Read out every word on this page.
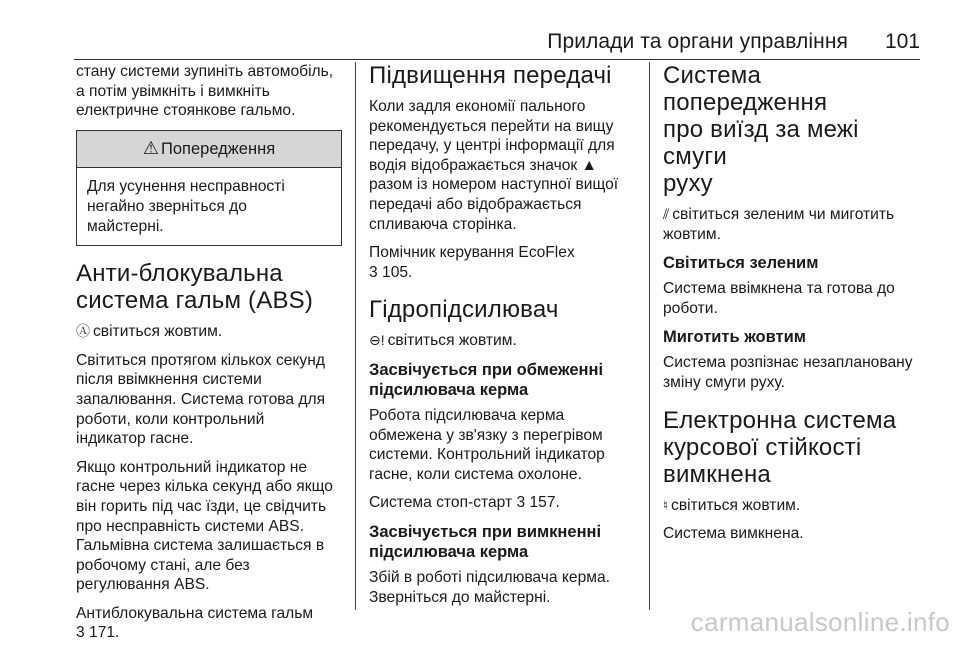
Прилади та органи управління 101

стану системи зупиніть автомобіль,
а потім увімкніть і вимкніть
електричне стоянкове гальмо.

⚠ Попередження
Для усунення несправності
негайно зверніться до
майстерні.
Анти-блокувальна
система гальм (ABS)

Ⓐ світиться жовтим.

Світиться протягом кількох секунд
після ввімкнення системи
запалювання. Система готова для
роботи, коли контрольний
індикатор гасне.

Якщо контрольний індикатор не
гасне через кілька секунд або якщо
він горить під час їзди, це свідчить
про несправність системи ABS.
Гальмівна система залишається в
робочому стані, але без
регулювання ABS.

Антиблокувальна система гальм
3 171.

Підвищення передачі

Коли задля економії пального
рекомендується перейти на вищу
передачу, у центрі інформації для
водія відображається значок ▲
разом із номером наступної вищої
передачі або відображається
спливаюча сторінка.

Помічник керування EcoFlex
3 105.

Гідропідсилювач

⊖! світиться жовтим.

Засвічується при обмеженні
підсилювача керма

Робота підсилювача керма
обмежена у зв'язку з перегрівом
системи. Контрольний індикатор
гасне, коли система охолоне.

Система стоп-старт 3 157.

Засвічується при вимкненні
підсилювача керма

Збій в роботі підсилювача керма.
Зверніться до майстерні.

Система попередження
про виїзд за межі смуги
руху

⫽ світиться зеленим чи миготить
жовтим.

Світиться зеленим

Система ввімкнена та готова до
роботи.

Миготить жовтим

Система розпізнає незаплановану
зміну смуги руху.

Електронна система
курсової стійкості
вимкнена

♮ світиться жовтим.

Система вимкнена.

carmanualsonline.info
